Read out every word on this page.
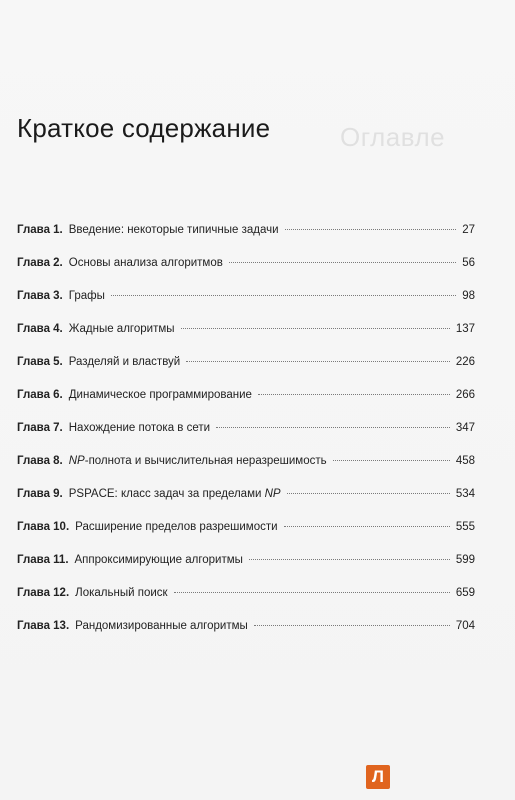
Оглавле
Краткое содержание
Глава 1. Введение: некоторые типичные задачи	27
Глава 2. Основы анализа алгоритмов	56
Глава 3. Графы	98
Глава 4. Жадные алгоритмы	137
Глава 5. Разделяй и властвуй	226
Глава 6. Динамическое программирование	266
Глава 7. Нахождение потока в сети	347
Глава 8. NP-полнота и вычислительная неразрешимость	458
Глава 9. PSPACE: класс задач за пределами NP	534
Глава 10. Расширение пределов разрешимости	555
Глава 11. Аппроксимирующие алгоритмы	599
Глава 12. Локальный поиск	659
Глава 13. Рандомизированные алгоритмы	704
Л
